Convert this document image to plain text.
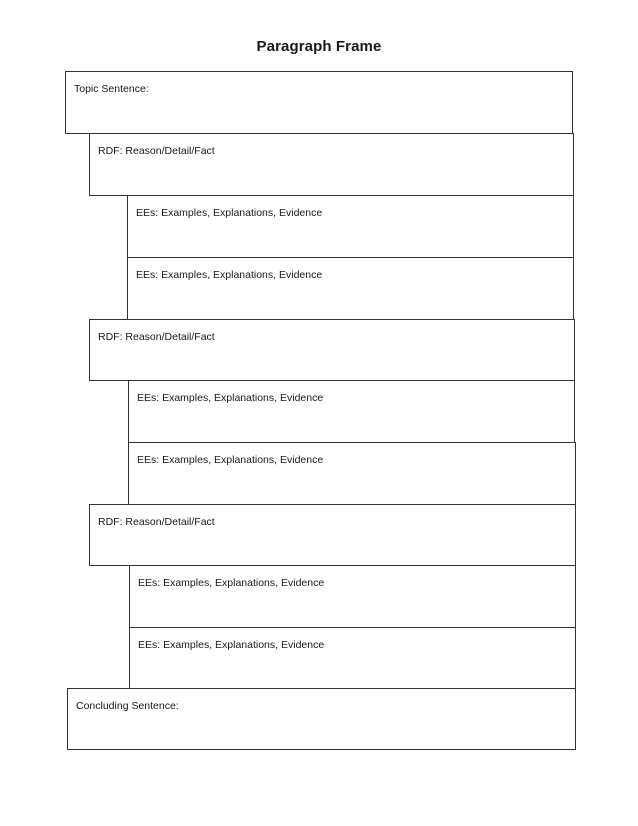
Paragraph Frame
Topic Sentence:
RDF: Reason/Detail/Fact
EEs: Examples, Explanations, Evidence
EEs: Examples, Explanations, Evidence
RDF: Reason/Detail/Fact
EEs: Examples, Explanations, Evidence
EEs: Examples, Explanations, Evidence
RDF: Reason/Detail/Fact
EEs: Examples, Explanations, Evidence
EEs: Examples, Explanations, Evidence
Concluding Sentence:
